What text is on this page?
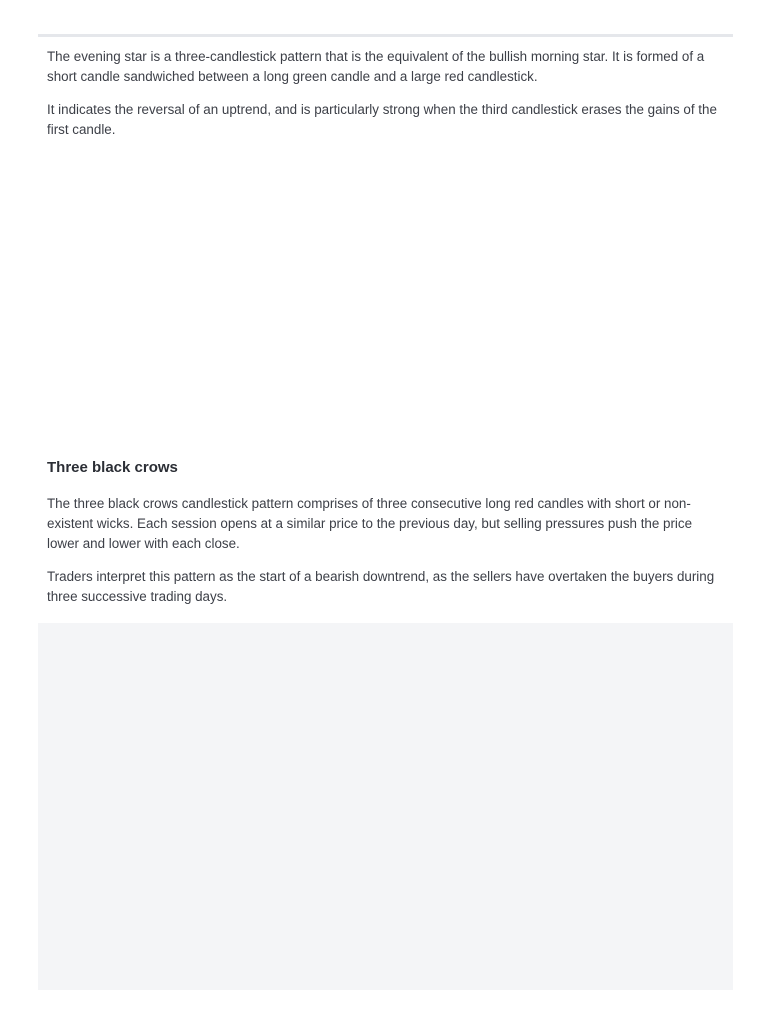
The evening star is a three-candlestick pattern that is the equivalent of the bullish morning star. It is formed of a short candle sandwiched between a long green candle and a large red candlestick.

It indicates the reversal of an uptrend, and is particularly strong when the third candlestick erases the gains of the first candle.

Three black crows

The three black crows candlestick pattern comprises of three consecutive long red candles with short or non-existent wicks. Each session opens at a similar price to the previous day, but selling pressures push the price lower and lower with each close.

Traders interpret this pattern as the start of a bearish downtrend, as the sellers have overtaken the buyers during three successive trading days.
